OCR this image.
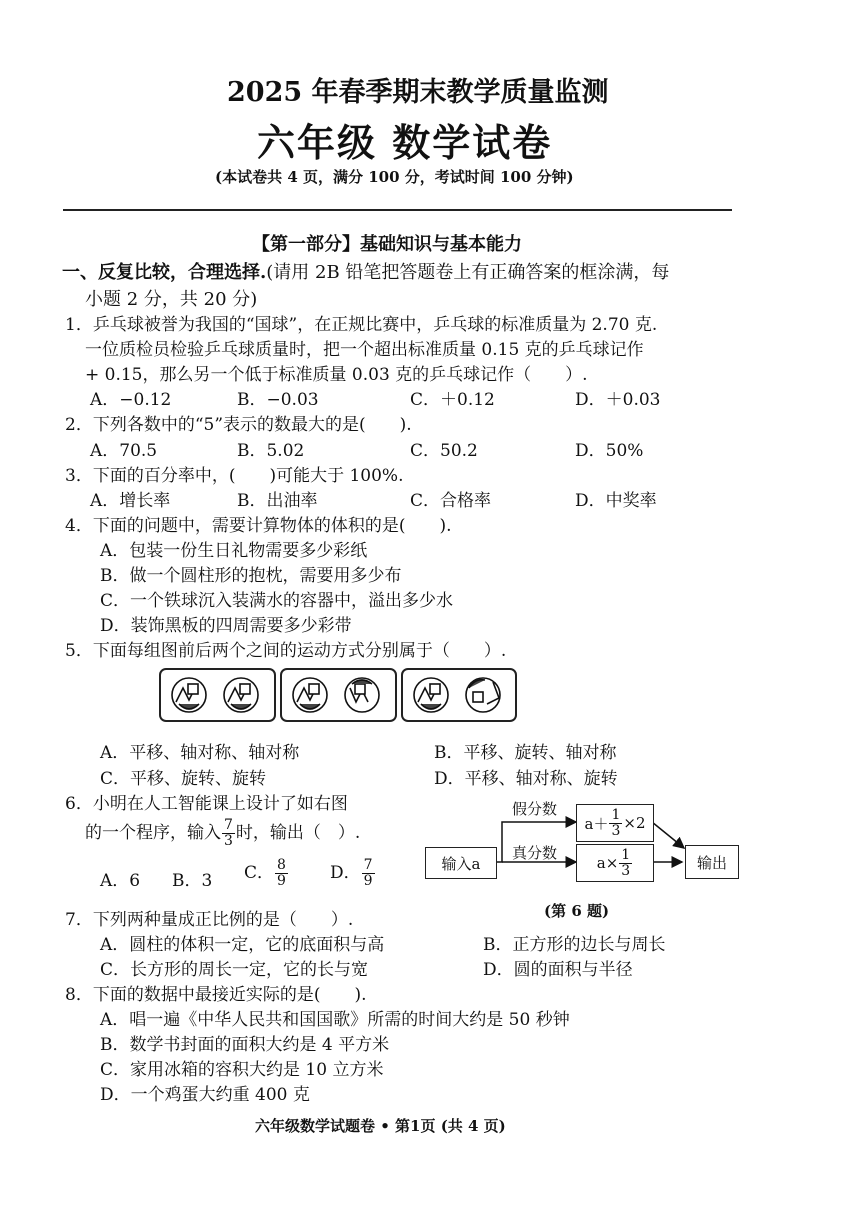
2025 年春季期末教学质量监测
六年级 数学试卷
(本试卷共 4 页，满分 100 分，考试时间 100 分钟)
【第一部分】基础知识与基本能力
一、反复比较，合理选择.(请用 2B 铅笔把答题卷上有正确答案的框涂满，每
小题 2 分，共 20 分)
1．乒乓球被誉为我国的“国球”，在正规比赛中，乒乓球的标准质量为 2.70 克.
一位质检员检验乒乓球质量时，把一个超出标准质量 0.15 克的乒乓球记作
+ 0.15，那么另一个低于标准质量 0.03 克的乒乓球记作（　　）.
A．−0.12	B．−0.03	C．＋0.12	D．＋0.03
2．下列各数中的“5”表示的数最大的是(　　).
A．70.5	B．5.02	C．50.2	D．50%
3．下面的百分率中，(　　)可能大于 100%.
A．增长率	B．出油率	C．合格率	D．中奖率
4．下面的问题中，需要计算物体的体积的是(　　).
A．包装一份生日礼物需要多少彩纸
B．做一个圆柱形的抱枕，需要用多少布
C．一个铁球沉入装满水的容器中，溢出多少水
D．装饰黑板的四周需要多少彩带
5．下面每组图前后两个之间的运动方式分别属于（　　）.
A．平移、轴对称、轴对称	B．平移、旋转、轴对称
C．平移、旋转、旋转	D．平移、轴对称、旋转
6．小明在人工智能课上设计了如右图
的一个程序，输入 $\frac{7}{3}$ 时，输出（　）.
A．6 B．3 C． $\frac{8}{9}$ D． $\frac{7}{9}$	输入a
假分数
真分数
$a+ \frac{1}{3} \times 2$
$a\times \frac{1}{3}$	输出
(第 6 题)
7．下列两种量成正比例的是（　　）.
A．圆柱的体积一定，它的底面积与高	B．正方形的边长与周长
C．长方形的周长一定，它的长与宽	D．圆的面积与半径
8．下面的数据中最接近实际的是(　　).
A．唱一遍《中华人民共和国国歌》所需的时间大约是 50 秒钟
B．数学书封面的面积大约是 4 平方米
C．家用冰箱的容积大约是 10 立方米
D．一个鸡蛋大约重 400 克
六年级数学试题卷 • 第1页 (共 4 页)
